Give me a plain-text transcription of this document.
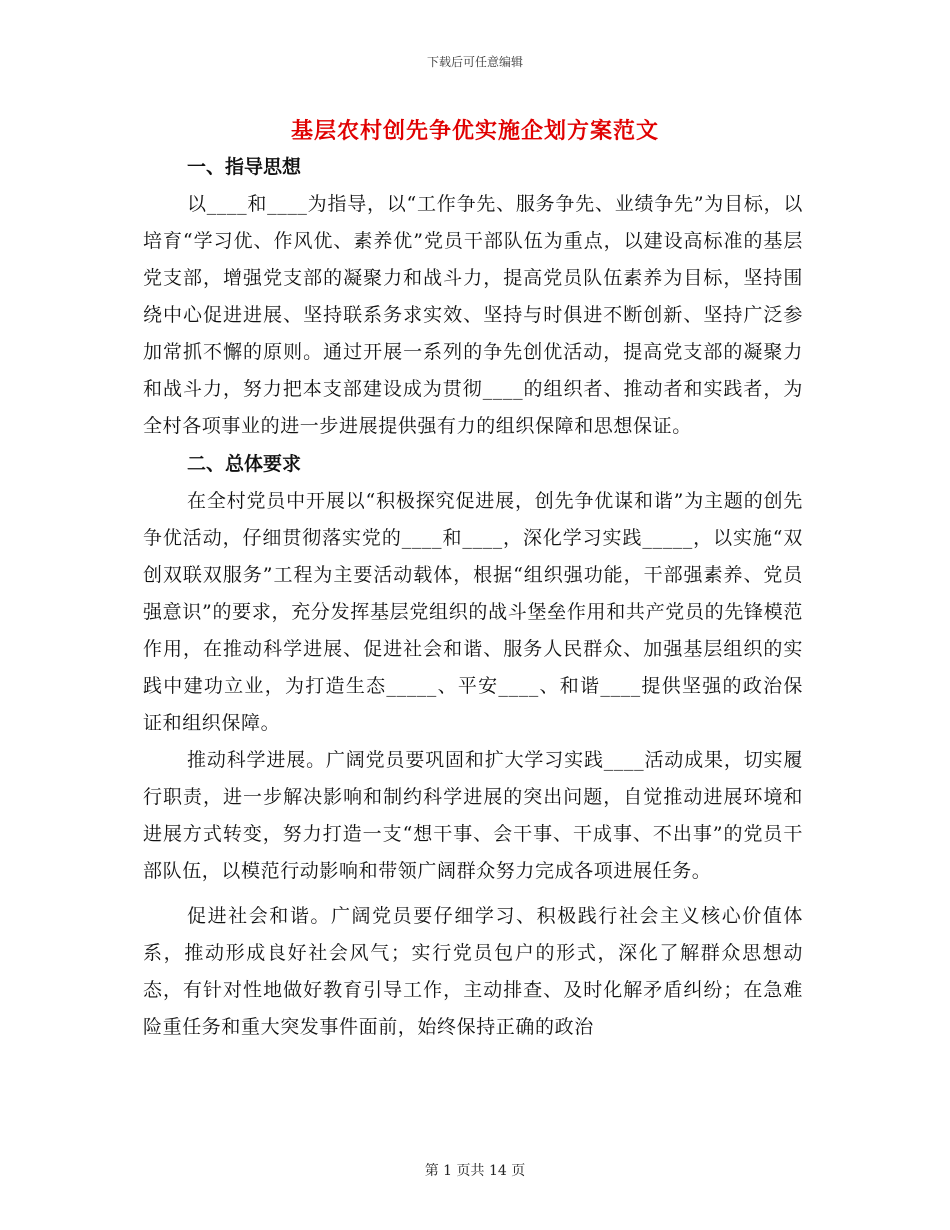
下载后可任意编辑
基层农村创先争优实施企划方案范文
一、指导思想

以____和____为指导，以“工作争先、服务争先、业绩争先”为目标，以培育“学习优、作风优、素养优”党员干部队伍为重点，以建设高标准的基层党支部，增强党支部的凝聚力和战斗力，提高党员队伍素养为目标，坚持围绕中心促进进展、坚持联系务求实效、坚持与时俱进不断创新、坚持广泛参加常抓不懈的原则。通过开展一系列的争先创优活动，提高党支部的凝聚力和战斗力，努力把本支部建设成为贯彻____的组织者、推动者和实践者，为全村各项事业的进一步进展提供强有力的组织保障和思想保证。

二、总体要求

在全村党员中开展以“积极探究促进展，创先争优谋和谐”为主题的创先争优活动，仔细贯彻落实党的____和____，深化学习实践_____，以实施“双创双联双服务”工程为主要活动载体，根据“组织强功能，干部强素养、党员强意识”的要求，充分发挥基层党组织的战斗堡垒作用和共产党员的先锋模范作用，在推动科学进展、促进社会和谐、服务人民群众、加强基层组织的实践中建功立业，为打造生态_____、平安____、和谐____提供坚强的政治保证和组织保障。

推动科学进展。广阔党员要巩固和扩大学习实践____活动成果，切实履行职责，进一步解决影响和制约科学进展的突出问题，自觉推动进展环境和进展方式转变，努力打造一支“想干事、会干事、干成事、不出事”的党员干部队伍，以模范行动影响和带领广阔群众努力完成各项进展任务。

促进社会和谐。广阔党员要仔细学习、积极践行社会主义核心价值体系，推动形成良好社会风气；实行党员包户的形式，深化了解群众思想动态，有针对性地做好教育引导工作，主动排查、及时化解矛盾纠纷；在急难险重任务和重大突发事件面前，始终保持正确的政治

第 1 页共 14 页
